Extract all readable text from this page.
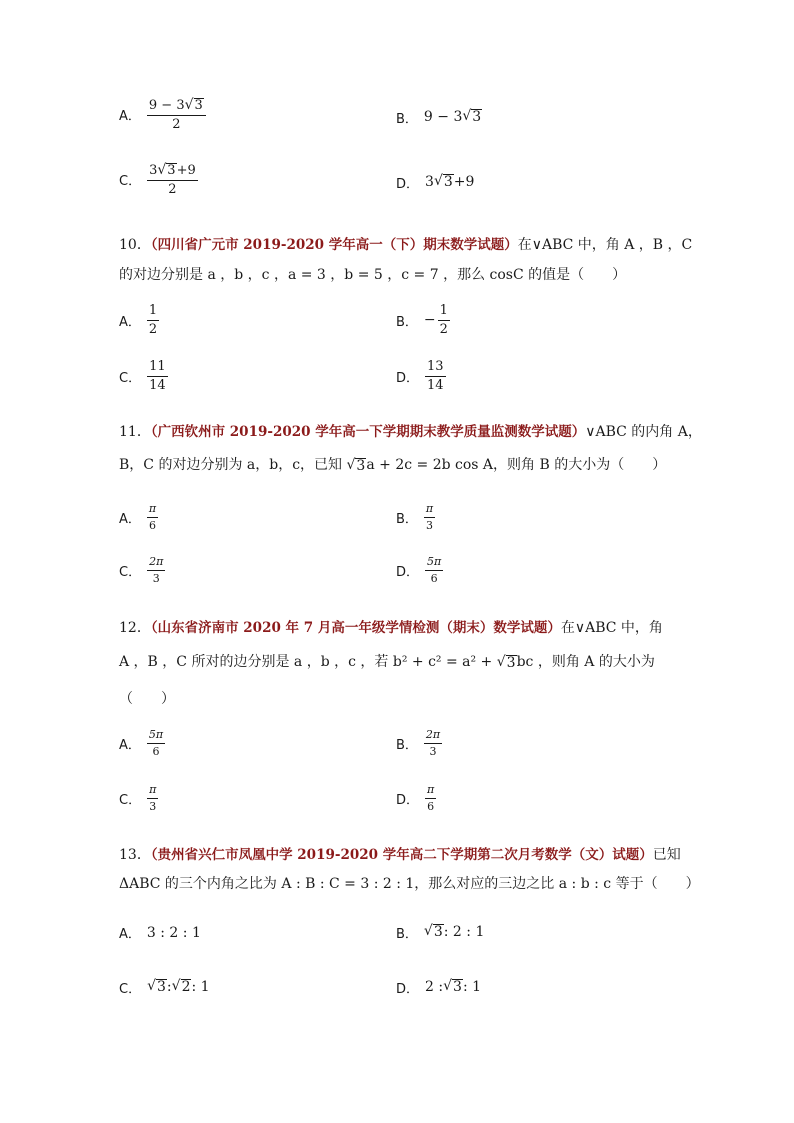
A． $\frac{9 - 3 √ 3}{2}$	B． 9 − 3 √ 3
C． $\frac{3 √ 3 +9}{2}$	D． 3 √ 3 +9
10．（四川省广元市 2019-2020 学年高一（下）期末数学试题）在∨ABC 中，角 A ，B ，C
的对边分别是 a ，b ，c ，a = 3 ，b = 5 ，c = 7 ，那么 cosC 的值是（　　）
A． $\frac{1}{2}$	B． − $\frac{1}{2}$
C． $\frac{11}{14}$	D． $\frac{13}{14}$
11．（广西钦州市 2019-2020 学年高一下学期期末教学质量监测数学试题）∨ABC 的内角 A，
B，C 的对边分别为 a，b，c，已知 √ 3 a + 2c = 2b cos A，则角 B 的大小为（　　）
A． $\frac{\pi}{6}$	B． $\frac{\pi}{3}$
C． $\frac{2\pi}{3}$	D． $\frac{5\pi}{6}$
12．（山东省济南市 2020 年 7 月高一年级学情检测（期末）数学试题）在∨ABC 中，角
A ，B ，C 所对的边分别是 a ，b ，c ，若 b² + c² = a² + √ 3 bc ，则角 A 的大小为
（　　）
A． $\frac{5\pi}{6}$	B． $\frac{2\pi}{3}$
C． $\frac{\pi}{3}$	D． $\frac{\pi}{6}$
13．（贵州省兴仁市凤凰中学 2019-2020 学年高二下学期第二次月考数学（文）试题）已知
ΔABC 的三个内角之比为 A : B : C = 3 : 2 : 1，那么对应的三边之比 a : b : c 等于（　　）
A． 3 : 2 : 1	B． √ 3 : 2 : 1
C． √ 3 : √ 2 : 1	D． 2 : √ 3 : 1
